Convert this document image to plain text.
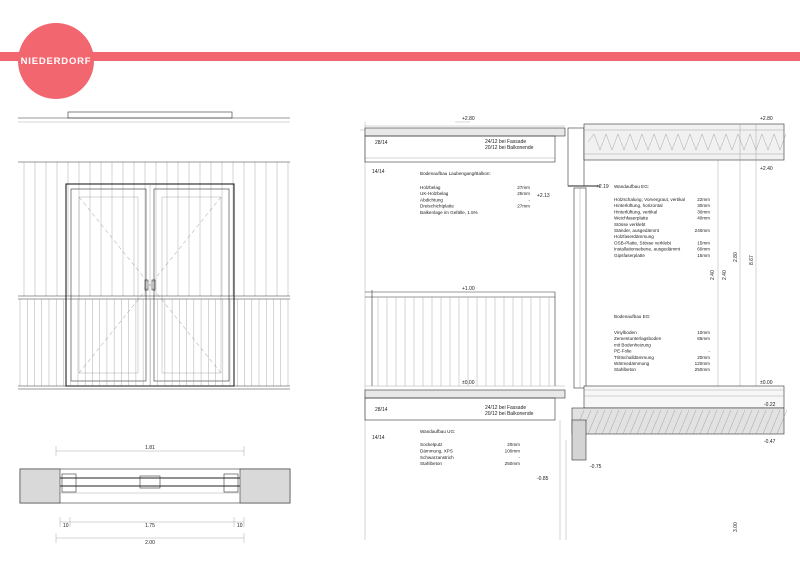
NIEDERDORF
1.81
10	1.75	10
2.00
+2.80
28/14
14/14
24/12 bei Fassade
20/12 bei Balkonende
Bodenaufbau Laubengang/Balkon:
Holzbelag	27mm
UK-Holzbelag	25mm
Abdichtung	-
Dreischichtplatte	27mm
Balkenlage im Gefälle, 1.5%
+2.13
+1.00
±0.00
28/14
14/14
24/12 bei Fassade
20/12 bei Balkonende
Wandaufbau UG:
Sockelputz	20mm
Dämmung, XPS	100mm
Schwarzanstrich	-
Stahlbeton	250mm
-0.85
+2.19
+2.80
+2.40
Wandaufbau EG:
Holzschalung, Vorvergraut, vertikal	22mm
Hinterlüftung, horizontal	30mm
Hinterlüftung, vertikal	30mm
Weichfaserplatte	40mm
Stösse verklebt
Ständer, ausgedämmt	240mm
Holzfaserdämmung
OSB-Platte, Stösse verklebt	15mm
Installationsebene, ausgedämmt	60mm
Gipsfaserplatte	15mm
Bodenaufbau EG:
Vinylboden	10mm
Zementunterlagsboden	65mm
mit Bodenheizung
PE-Folie	-
Trittschalldämmung	20mm
Wärmedämmung	120mm
Stahlbeton	250mm
2.40 2.40
2.80 8.67
3.00
±0.00
-0.22
-0.47
-0.75
